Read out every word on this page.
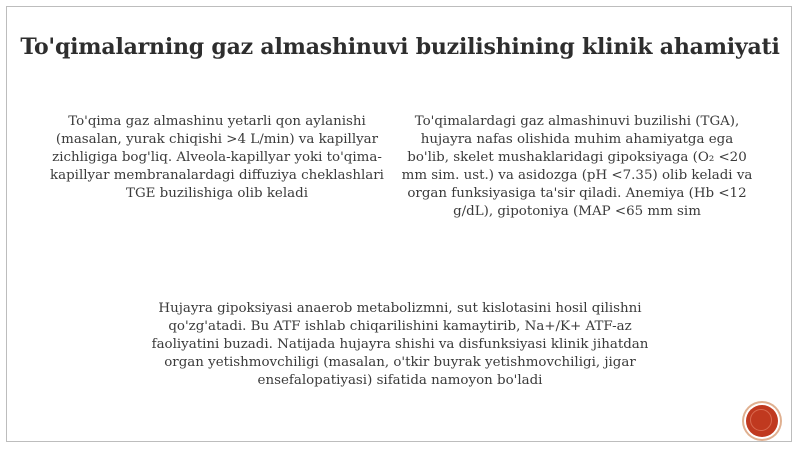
To'qimalarning gaz almashinuvi buzilishining klinik ahamiyati
To'qima gaz almashinu yetarli qon aylanishi (masalan, yurak chiqishi >4 L/min) va kapillyar zichligiga bog'liq. Alveola-kapillyar yoki to'qima-kapillyar membranalardagi diffuziya cheklashlari TGE buzilishiga olib keladi
To'qimalardagi gaz almashinuvi buzilishi (TGA), hujayra nafas olishida muhim ahamiyatga ega bo'lib, skelet mushaklaridagi gipoksiyaga (O₂ <20 mm sim. ust.) va asidozga (pH <7.35) olib keladi va organ funksiyasiga ta'sir qiladi. Anemiya (Hb <12 g/dL), gipotoniya (MAP <65 mm sim
Hujayra gipoksiyasi anaerob metabolizmni, sut kislotasini hosil qilishni qo'zg'atadi. Bu ATF ishlab chiqarilishini kamaytirib, Na+/K+ ATF-az faoliyatini buzadi. Natijada hujayra shishi va disfunksiyasi klinik jihatdan organ yetishmovchiligi (masalan, o'tkir buyrak yetishmovchiligi, jigar ensefalopatiyasi) sifatida namoyon bo'ladi
